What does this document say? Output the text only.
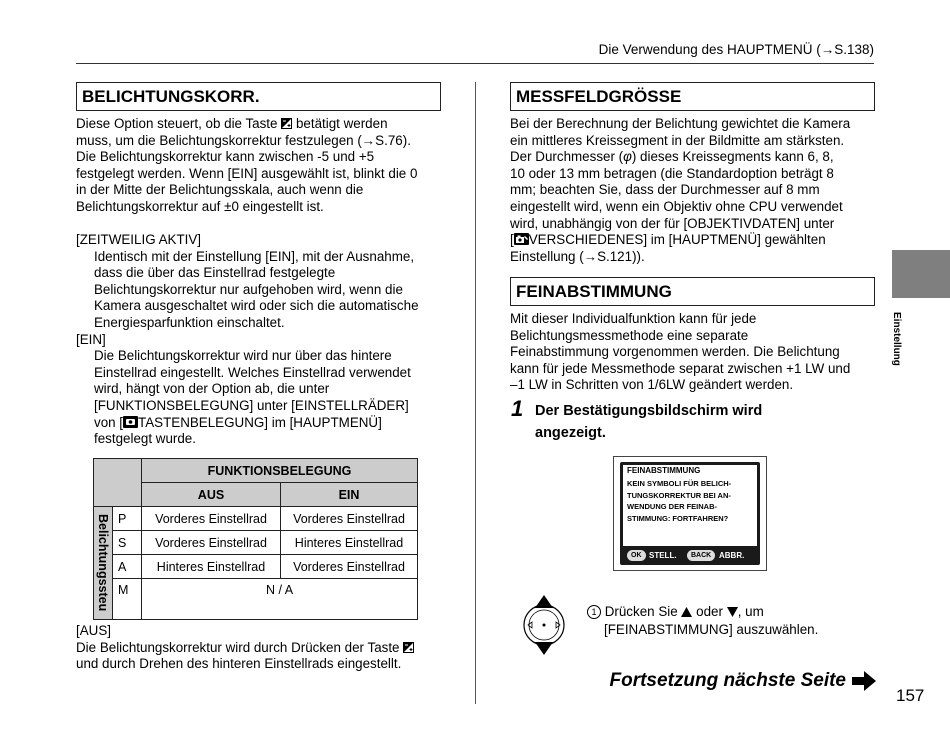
Die Verwendung des HAUPTMENÜ (→S.138)
BELICHTUNGSKORR.
Diese Option steuert, ob die Taste betätigt werden
muss, um die Belichtungskorrektur festzulegen (→S.76).
Die Belichtungskorrektur kann zwischen -5 und +5
festgelegt werden. Wenn [EIN] ausgewählt ist, blinkt die 0
in der Mitte der Belichtungsskala, auch wenn die
Belichtungskorrektur auf ±0 eingestellt ist.
[ZEITWEILIG AKTIV]
Identisch mit der Einstellung [EIN], mit der Ausnahme,
dass die über das Einstellrad festgelegte
Belichtungskorrektur nur aufgehoben wird, wenn die
Kamera ausgeschaltet wird oder sich die automatische
Energiesparfunktion einschaltet.
[EIN]
Die Belichtungskorrektur wird nur über das hintere
Einstellrad eingestellt. Welches Einstellrad verwendet
wird, hängt von der Option ab, die unter
[FUNKTIONSBELEGUNG] unter [EINSTELLRÄDER]
von [ TASTENBELEGUNG] im [HAUPTMENÜ]
festgelegt wurde.
		FUNKTIONSBELEGUNG	
		AUS	EIN

Belichtungssteu	P	Vorderes Einstellrad	Vorderes Einstellrad
	S	Vorderes Einstellrad	Hinteres Einstellrad
	A	Hinteres Einstellrad	Vorderes Einstellrad
	M	N / A	
[AUS]
Die Belichtungskorrektur wird durch Drücken der Taste
und durch Drehen des hinteren Einstellrads eingestellt.
MESSFELDGRÖSSE
Bei der Berechnung der Belichtung gewichtet die Kamera
ein mittleres Kreissegment in der Bildmitte am stärksten.
Der Durchmesser (φ) dieses Kreissegments kann 6, 8,
10 oder 13 mm betragen (die Standardoption beträgt 8
mm; beachten Sie, dass der Durchmesser auf 8 mm
eingestellt wird, wenn ein Objektiv ohne CPU verwendet
wird, unabhängig von der für [OBJEKTIVDATEN] unter
[ VERSCHIEDENES] im [HAUPTMENÜ] gewählten
Einstellung (→S.121)).
FEINABSTIMMUNG
Mit dieser Individualfunktion kann für jede
Belichtungsmessmethode eine separate
Feinabstimmung vorgenommen werden. Die Belichtung
kann für jede Messmethode separat zwischen +1 LW und
–1 LW in Schritten von 1/6LW geändert werden.
1 Der Bestätigungsbildschirm wird
angezeigt.
FEINABSTIMMUNG
KEIN SYMBOLI FÜR BELICH-
TUNGSKORREKTUR BEI AN-
WENDUNG DER FEINAB-
STIMMUNG: FORTFAHREN?
OK STELL.	BACK ABBR.
1 Drücken Sie oder , um
[FEINABSTIMMUNG] auszuwählen.
Einstellung
Fortsetzung nächste Seite
157
